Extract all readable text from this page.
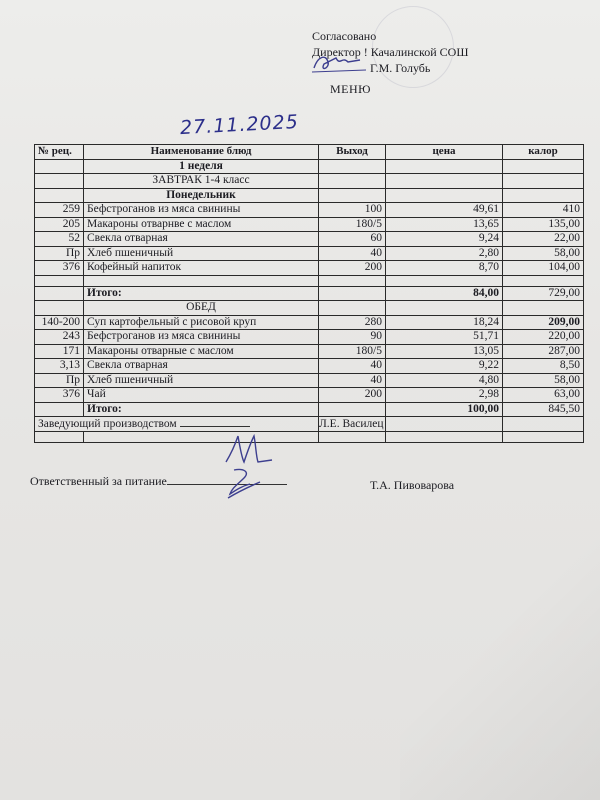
Согласовано
Директор ! Качалинской СОШ
Г.М. Голубь
МЕНЮ
27.11.2025
№ рец.	Наименование блюд	Выход	цена	калор
	1 неделя			
	ЗАВТРАК 1-4 класс			
	Понедельник			
259	Бефстроганов из мяса свинины	100	49,61	410
205	Макароны отварнве с маслом	180/5	13,65	135,00
52	Свекла отварная	60	9,24	22,00
Пр	Хлеб пшеничный	40	2,80	58,00
376	Кофейный напиток	200	8,70	104,00

	Итого:		84,00	729,00
	ОБЕД			
140-200	Суп картофельный с рисовой круп	280	18,24	209,00
243	Бефстроганов из мяса свинины	90	51,71	220,00
171	Макароны отварные с маслом	180/5	13,05	287,00
3,13	Свекла отварная	40	9,22	8,50
Пр	Хлеб пшеничный	40	4,80	58,00
376	Чай	200	2,98	63,00
	Итого:		100,00	845,50
Заведующий производством		Л.Е. Василец		

Ответственный за питание	Т.А. Пивоварова
